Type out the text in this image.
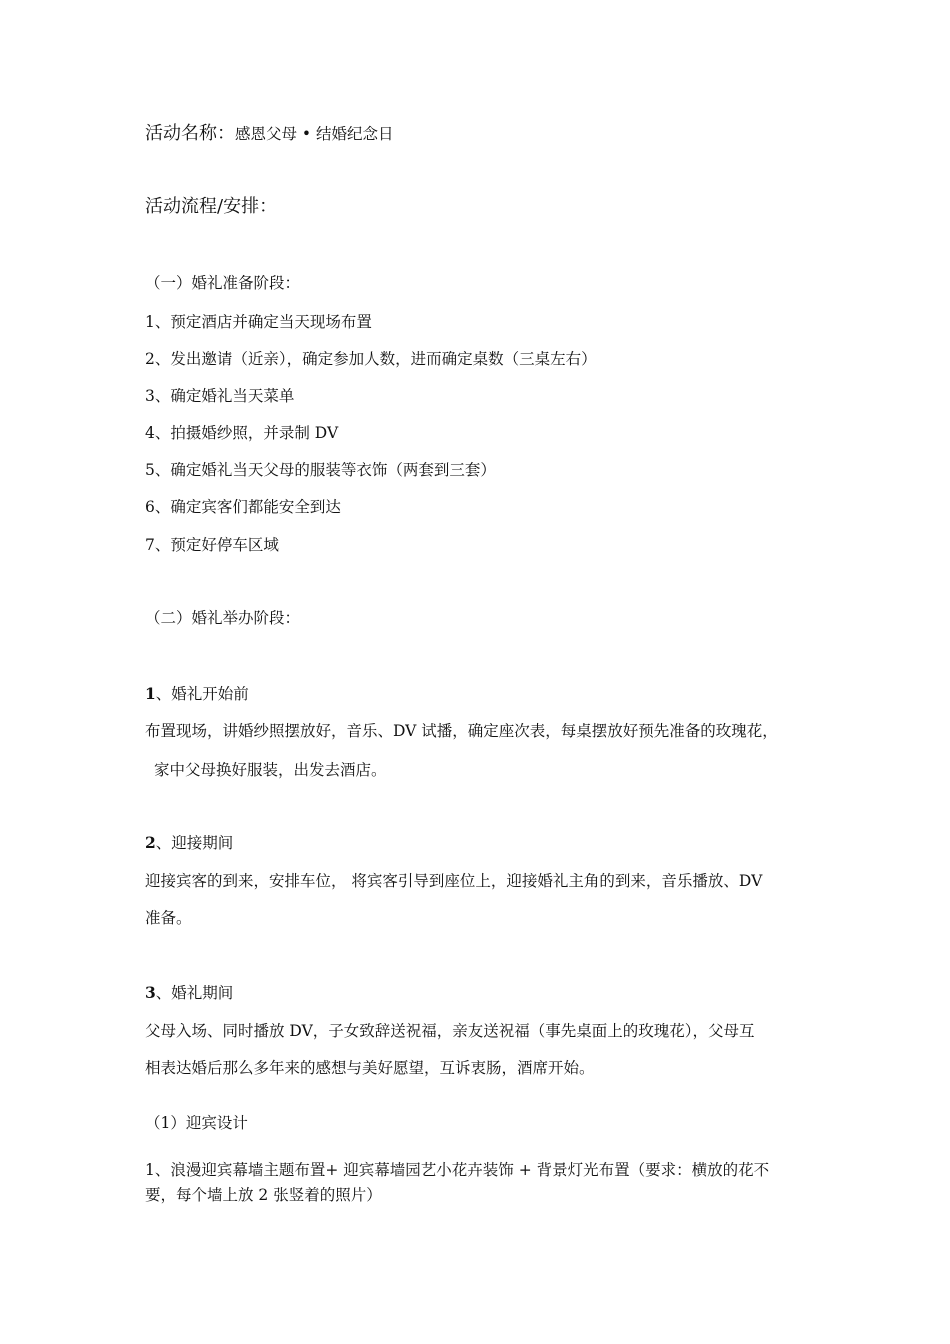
活动名称：感恩父母 • 结婚纪念日
活动流程/安排：
（一）婚礼准备阶段：
1、预定酒店并确定当天现场布置
2、发出邀请（近亲），确定参加人数，进而确定桌数（三桌左右）
3、确定婚礼当天菜单
4、拍摄婚纱照，并录制 DV
5、确定婚礼当天父母的服装等衣饰（两套到三套）
6、确定宾客们都能安全到达
7、预定好停车区域
（二）婚礼举办阶段：
1、婚礼开始前
布置现场，讲婚纱照摆放好，音乐、DV 试播，确定座次表，每桌摆放好预先准备的玫瑰花，
家中父母换好服装，出发去酒店。
2、迎接期间
迎接宾客的到来，安排车位， 将宾客引导到座位上，迎接婚礼主角的到来，音乐播放、DV
准备。
3、婚礼期间
父母入场、同时播放 DV，子女致辞送祝福，亲友送祝福（事先桌面上的玫瑰花），父母互
相表达婚后那么多年来的感想与美好愿望，互诉衷肠，酒席开始。
（1）迎宾设计
1、浪漫迎宾幕墙主题布置+ 迎宾幕墙园艺小花卉装饰 + 背景灯光布置（要求：横放的花不
要，每个墙上放 2 张竖着的照片）
